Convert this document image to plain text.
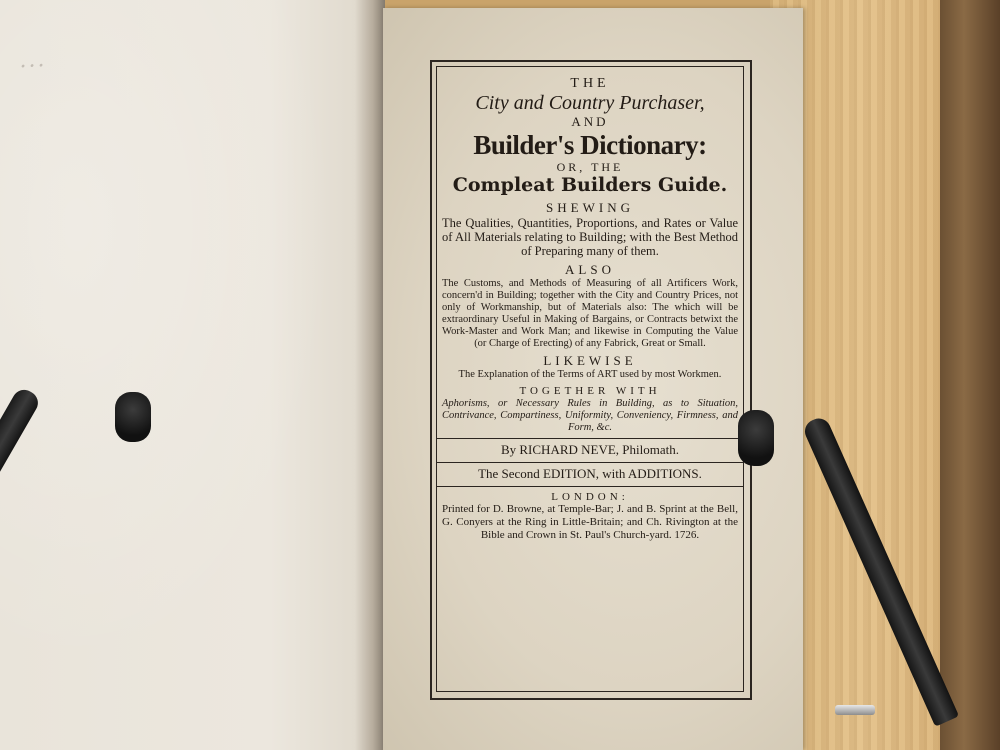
...

THE

City and Country Purchaser,

AND

Builder's Dictionary:

OR, THE

Compleat Builders Guide.

SHEWING

The Qualities, Quantities, Proportions, and Rates or Value of All Materials relating to Building; with the Best Method of Preparing many of them.

ALSO

The Customs, and Methods of Measuring of all Artificers Work, concern'd in Building; together with the City and Country Prices, not only of Workmanship, but of Materials also: The which will be extraordinary Useful in Making of Bargains, or Contracts betwixt the Work-Master and Work Man; and likewise in Computing the Value (or Charge of Erecting) of any Fabrick, Great or Small.

LIKEWISE

The Explanation of the Terms of ART used by most Workmen.

TOGETHER WITH

Aphorisms, or Necessary Rules in Building, as to Situation, Contrivance, Compartiness, Uniformity, Conveniency, Firmness, and Form, &c.

By RICHARD NEVE, Philomath.

The Second EDITION, with ADDITIONS.

LONDON:

Printed for D. Browne, at Temple-Bar; J. and B. Sprint at the Bell, G. Conyers at the Ring in Little-Britain; and Ch. Rivington at the Bible and Crown in St. Paul's Church-yard. 1726.
